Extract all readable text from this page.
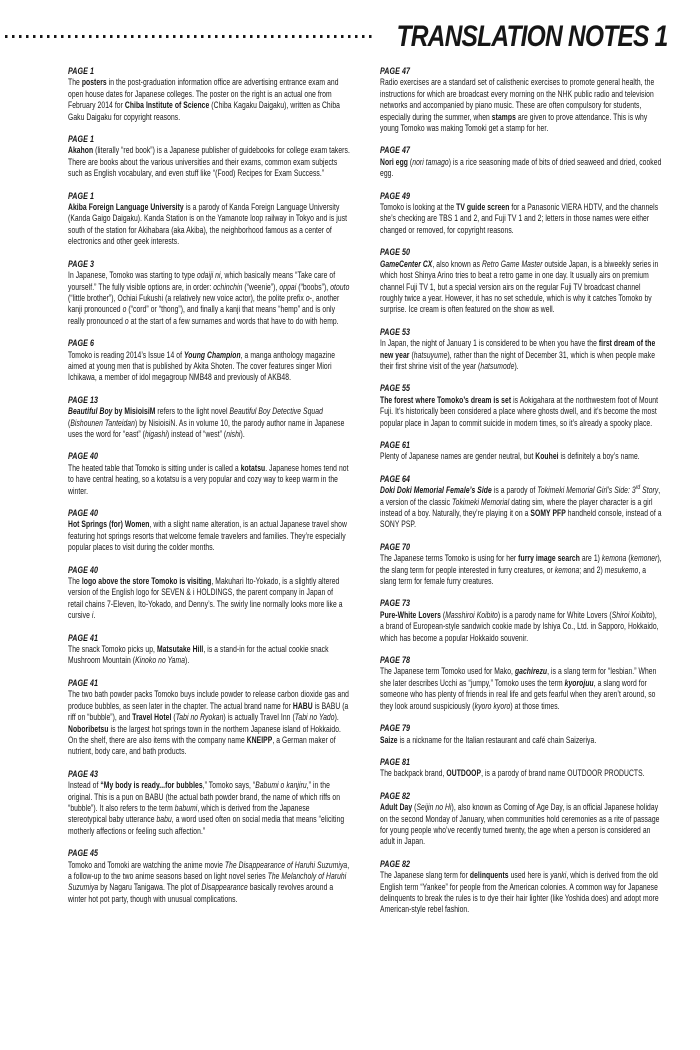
TRANSLATION NOTES 1
PAGE 1
The posters in the post-graduation information office are advertising entrance exam and open house dates for Japanese colleges. The poster on the right is an actual one from February 2014 for Chiba Institute of Science (Chiba Kagaku Daigaku), written as Chiba Gaku Daigaku for copyright reasons.
PAGE 1
Akahon (literally “red book”) is a Japanese publisher of guidebooks for college exam takers. There are books about the various universities and their exams, common exam subjects such as English vocabulary, and even stuff like “(Food) Recipes for Exam Success.”
PAGE 1
Akiba Foreign Language University is a parody of Kanda Foreign Language University (Kanda Gaigo Daigaku). Kanda Station is on the Yamanote loop railway in Tokyo and is just south of the station for Akihabara (aka Akiba), the neighborhood famous as a center of electronics and other geek interests.
PAGE 3
In Japanese, Tomoko was starting to type odaiji ni, which basically means “Take care of yourself.” The fully visible options are, in order: ochinchin (“weenie”), oppai (“boobs”), otouto (“little brother”), Ochiai Fukushi (a relatively new voice actor), the polite prefix o-, another kanji pronounced o (“cord” or “thong”), and finally a kanji that means “hemp” and is only really pronounced o at the start of a few surnames and words that have to do with hemp.
PAGE 6
Tomoko is reading 2014’s Issue 14 of Young Champion, a manga anthology magazine aimed at young men that is published by Akita Shoten. The cover features singer Miori Ichikawa, a member of idol megagroup NMB48 and previously of AKB48.
PAGE 13
Beautiful Boy by MisioisiM refers to the light novel Beautiful Boy Detective Squad (Bishounen Tanteidan) by NisioisiN. As in volume 10, the parody author name in Japanese uses the word for “east” (higashi) instead of “west” (nishi).
PAGE 40
The heated table that Tomoko is sitting under is called a kotatsu. Japanese homes tend not to have central heating, so a kotatsu is a very popular and cozy way to keep warm in the winter.
PAGE 40
Hot Springs (for) Women, with a slight name alteration, is an actual Japanese travel show featuring hot springs resorts that welcome female travelers and families. They’re especially popular places to visit during the colder months.
PAGE 40
The logo above the store Tomoko is visiting, Makuhari Ito-Yokado, is a slightly altered version of the English logo for SEVEN & i HOLDINGS, the parent company in Japan of retail chains 7-Eleven, Ito-Yokado, and Denny’s. The swirly line normally looks more like a cursive i.
PAGE 41
The snack Tomoko picks up, Matsutake Hill, is a stand-in for the actual cookie snack Mushroom Mountain (Kinoko no Yama).
PAGE 41
The two bath powder packs Tomoko buys include powder to release carbon dioxide gas and produce bubbles, as seen later in the chapter. The actual brand name for HABU is BABU (a riff on “bubble”), and Travel Hotel (Tabi no Ryokan) is actually Travel Inn (Tabi no Yado). Noboribetsu is the largest hot springs town in the northern Japanese island of Hokkaido. On the shelf, there are also items with the company name KNEIPP, a German maker of nutrient, body care, and bath products.
PAGE 43
Instead of “My body is ready...for bubbles,” Tomoko says, “Babumi o kanjiru,” in the original. This is a pun on BABU (the actual bath powder brand, the name of which riffs on “bubble”). It also refers to the term babumi, which is derived from the Japanese stereotypical baby utterance babu, a word used often on social media that means “eliciting motherly affections or feeling such affection.”
PAGE 45
Tomoko and Tomoki are watching the anime movie The Disappearance of Haruhi Suzumiya, a follow-up to the two anime seasons based on light novel series The Melancholy of Haruhi Suzumiya by Nagaru Tanigawa. The plot of Disappearance basically revolves around a winter hot pot party, though with unusual complications.
PAGE 47
Radio exercises are a standard set of calisthenic exercises to promote general health, the instructions for which are broadcast every morning on the NHK public radio and television networks and accompanied by piano music. These are often compulsory for students, especially during the summer, when stamps are given to prove attendance. This is why young Tomoko was making Tomoki get a stamp for her.
PAGE 47
Nori egg (nori tamago) is a rice seasoning made of bits of dried seaweed and dried, cooked egg.
PAGE 49
Tomoko is looking at the TV guide screen for a Panasonic VIERA HDTV, and the channels she’s checking are TBS 1 and 2, and Fuji TV 1 and 2; letters in those names were either changed or removed, for copyright reasons.
PAGE 50
GameCenter CX, also known as Retro Game Master outside Japan, is a biweekly series in which host Shinya Arino tries to beat a retro game in one day. It usually airs on premium channel Fuji TV 1, but a special version airs on the regular Fuji TV broadcast channel roughly twice a year. However, it has no set schedule, which is why it catches Tomoko by surprise. Ice cream is often featured on the show as well.
PAGE 53
In Japan, the night of January 1 is considered to be when you have the first dream of the new year (hatsuyume), rather than the night of December 31, which is when people make their first shrine visit of the year (hatsumode).
PAGE 55
The forest where Tomoko’s dream is set is Aokigahara at the northwestern foot of Mount Fuji. It’s historically been considered a place where ghosts dwell, and it’s become the most popular place in Japan to commit suicide in modern times, so it’s already a spooky place.
PAGE 61
Plenty of Japanese names are gender neutral, but Kouhei is definitely a boy’s name.
PAGE 64
Doki Doki Memorial Female’s Side is a parody of Tokimeki Memorial Girl’s Side: 3rd Story, a version of the classic Tokimeki Memorial dating sim, where the player character is a girl instead of a boy. Naturally, they’re playing it on a SOMY PFP handheld console, instead of a SONY PSP.
PAGE 70
The Japanese terms Tomoko is using for her furry image search are 1) kemona (kemoner), the slang term for people interested in furry creatures, or kemona; and 2) mesukemo, a slang term for female furry creatures.
PAGE 73
Pure-White Lovers (Masshiroi Koibito) is a parody name for White Lovers (Shiroi Koibito), a brand of European-style sandwich cookie made by Ishiya Co., Ltd. in Sapporo, Hokkaido, which has become a popular Hokkaido souvenir.
PAGE 78
The Japanese term Tomoko used for Mako, gachirezu, is a slang term for “lesbian.” When she later describes Ucchi as “jumpy,” Tomoko uses the term kyorojuu, a slang word for someone who has plenty of friends in real life and gets fearful when they aren’t around, so they look around suspiciously (kyoro kyoro) at those times.
PAGE 79
Saize is a nickname for the Italian restaurant and café chain Saizeriya.
PAGE 81
The backpack brand, OUTDOOP, is a parody of brand name OUTDOOR PRODUCTS.
PAGE 82
Adult Day (Seijin no Hi), also known as Coming of Age Day, is an official Japanese holiday on the second Monday of January, when communities hold ceremonies as a rite of passage for young people who’ve recently turned twenty, the age when a person is considered an adult in Japan.
PAGE 82
The Japanese slang term for delinquents used here is yanki, which is derived from the old English term “Yankee” for people from the American colonies. A common way for Japanese delinquents to break the rules is to dye their hair lighter (like Yoshida does) and adopt more American-style rebel fashion.
